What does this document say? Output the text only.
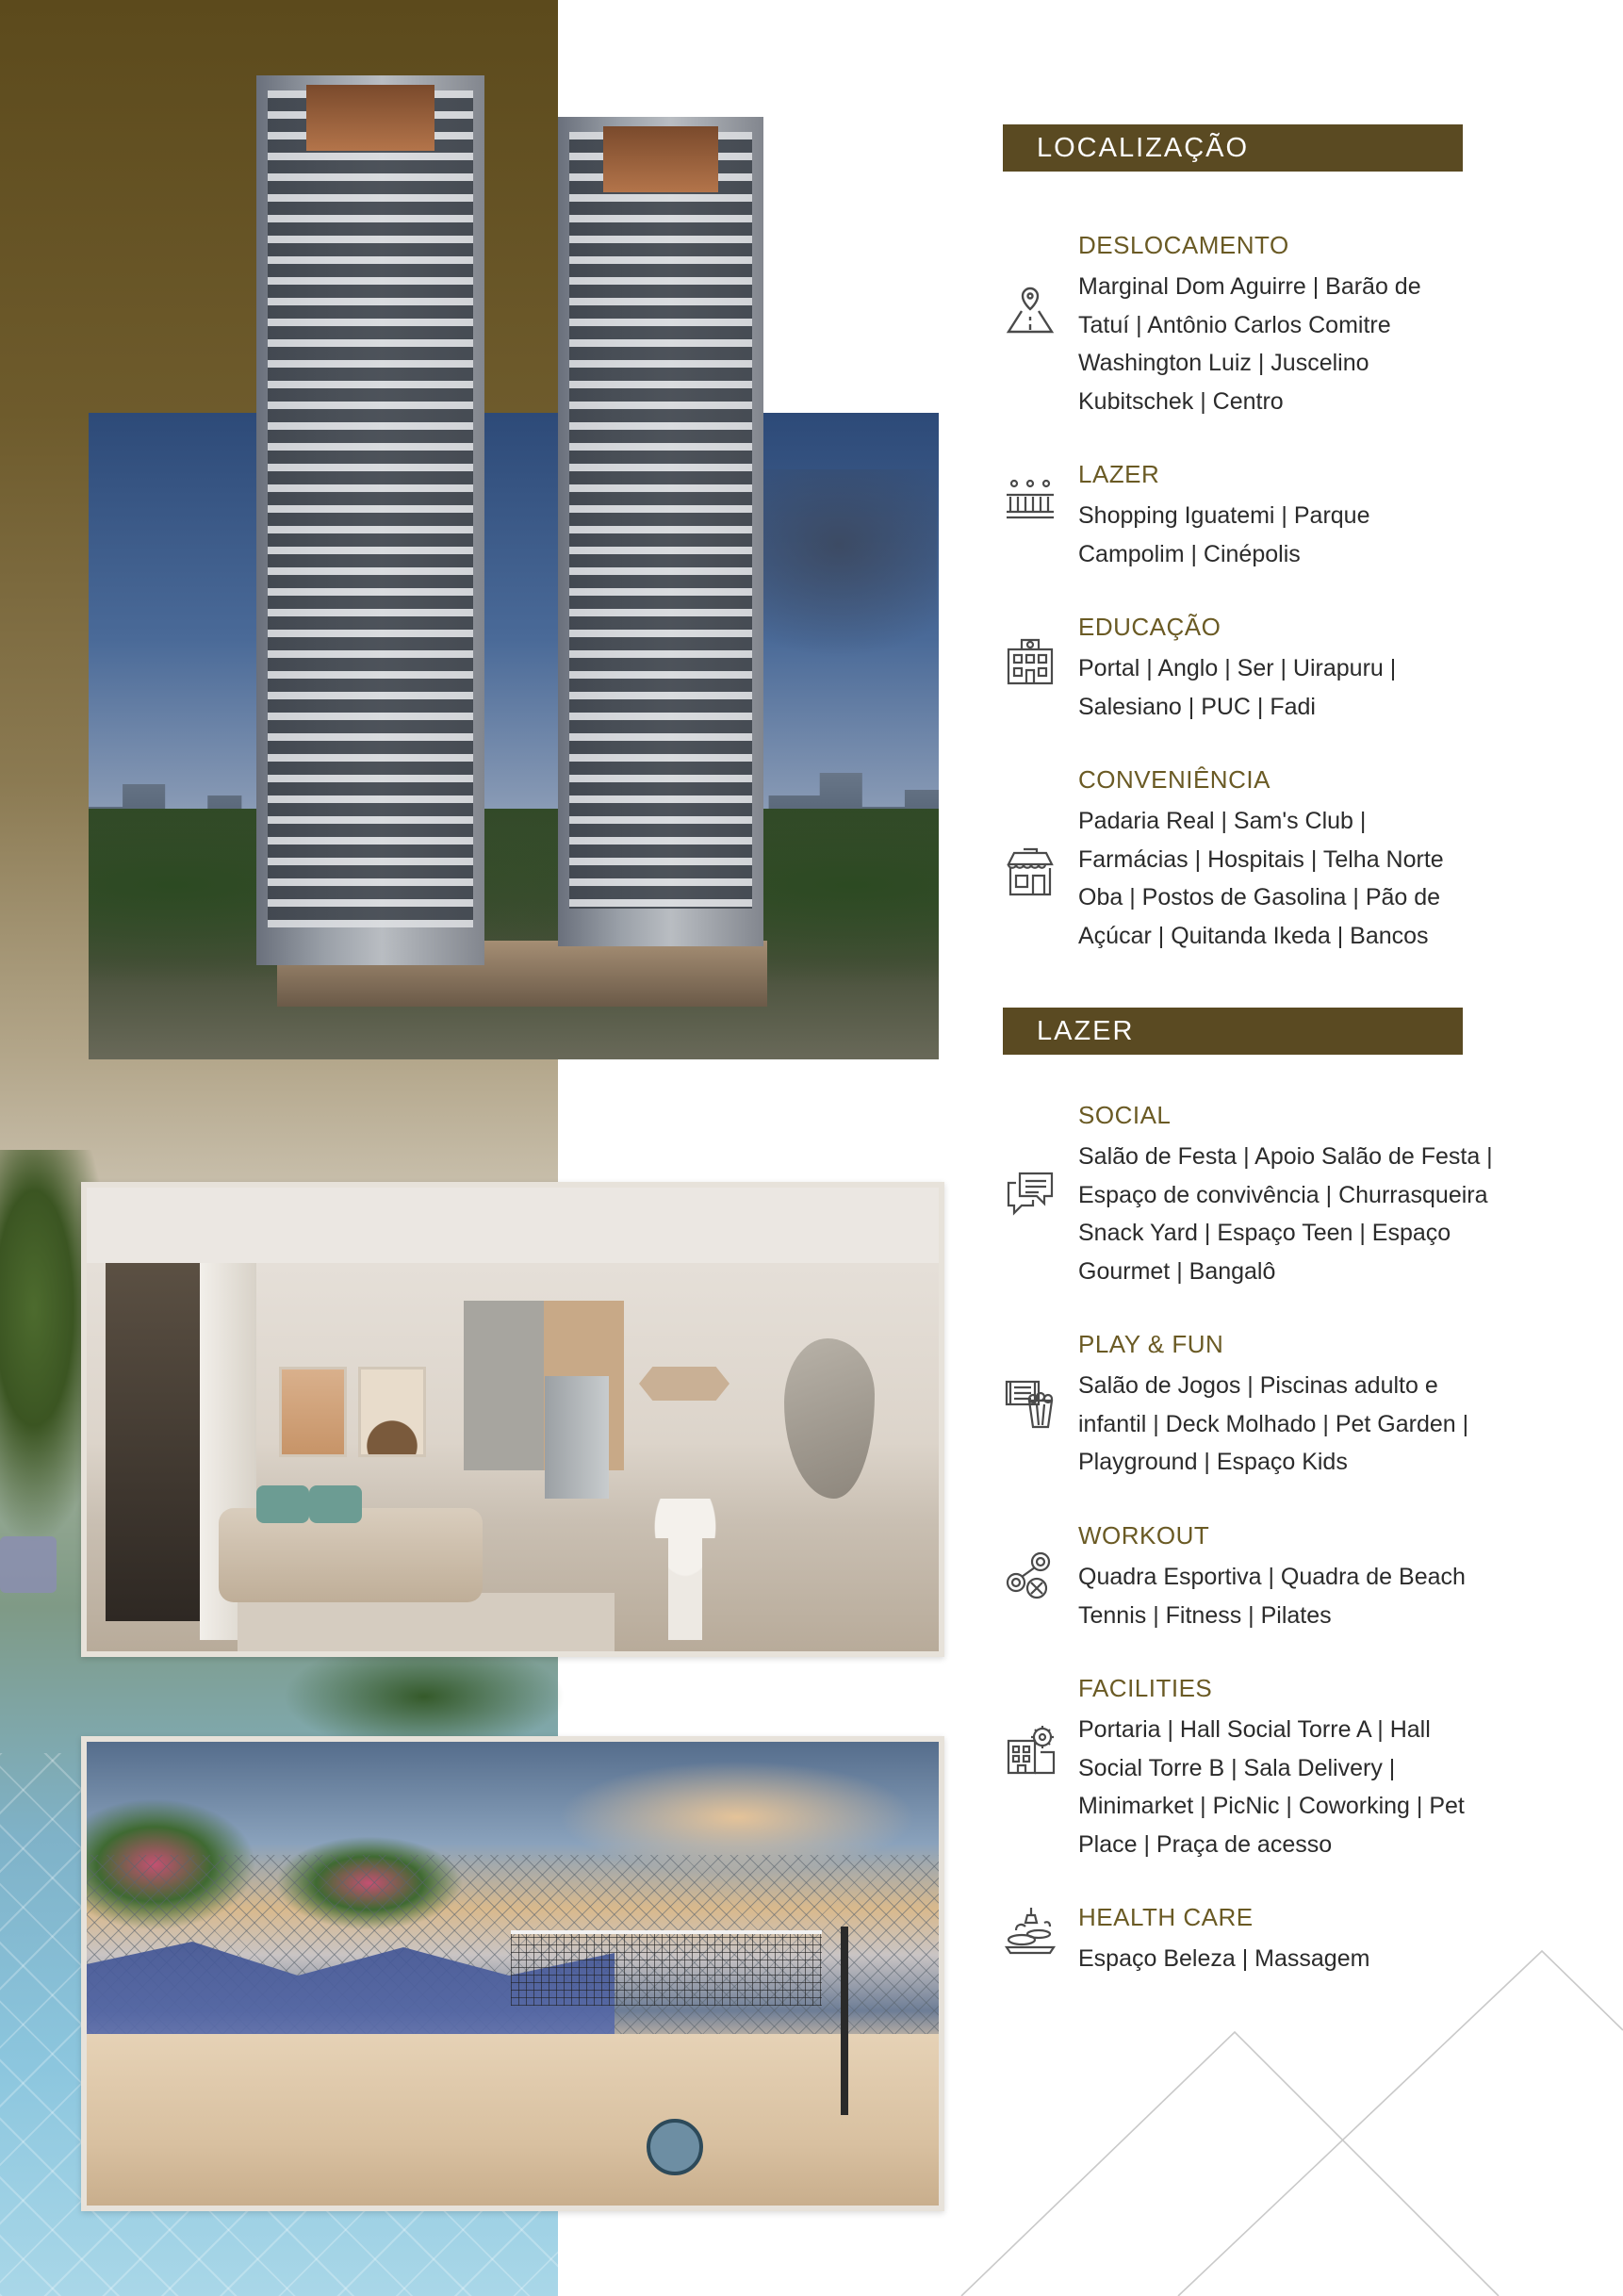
LOCALIZAÇÃO
DESLOCAMENTO
Marginal Dom Aguirre | Barão de
Tatuí | Antônio Carlos Comitre
Washington Luiz | Juscelino
Kubitschek | Centro
LAZER
Shopping Iguatemi | Parque
Campolim | Cinépolis
EDUCAÇÃO
Portal | Anglo | Ser | Uirapuru |
Salesiano | PUC | Fadi
CONVENIÊNCIA
Padaria Real | Sam's Club |
Farmácias | Hospitais | Telha Norte
Oba | Postos de Gasolina | Pão de
Açúcar | Quitanda Ikeda | Bancos
LAZER
SOCIAL
Salão de Festa | Apoio Salão de Festa |
Espaço de convivência | Churrasqueira
Snack Yard | Espaço Teen | Espaço
Gourmet | Bangalô
PLAY & FUN
Salão de Jogos | Piscinas adulto e
infantil | Deck Molhado | Pet Garden |
Playground | Espaço Kids
WORKOUT
Quadra Esportiva | Quadra de Beach
Tennis | Fitness | Pilates
FACILITIES
Portaria | Hall Social Torre A | Hall
Social Torre B | Sala Delivery |
Minimarket | PicNic | Coworking | Pet
Place | Praça de acesso
HEALTH CARE
Espaço Beleza | Massagem
